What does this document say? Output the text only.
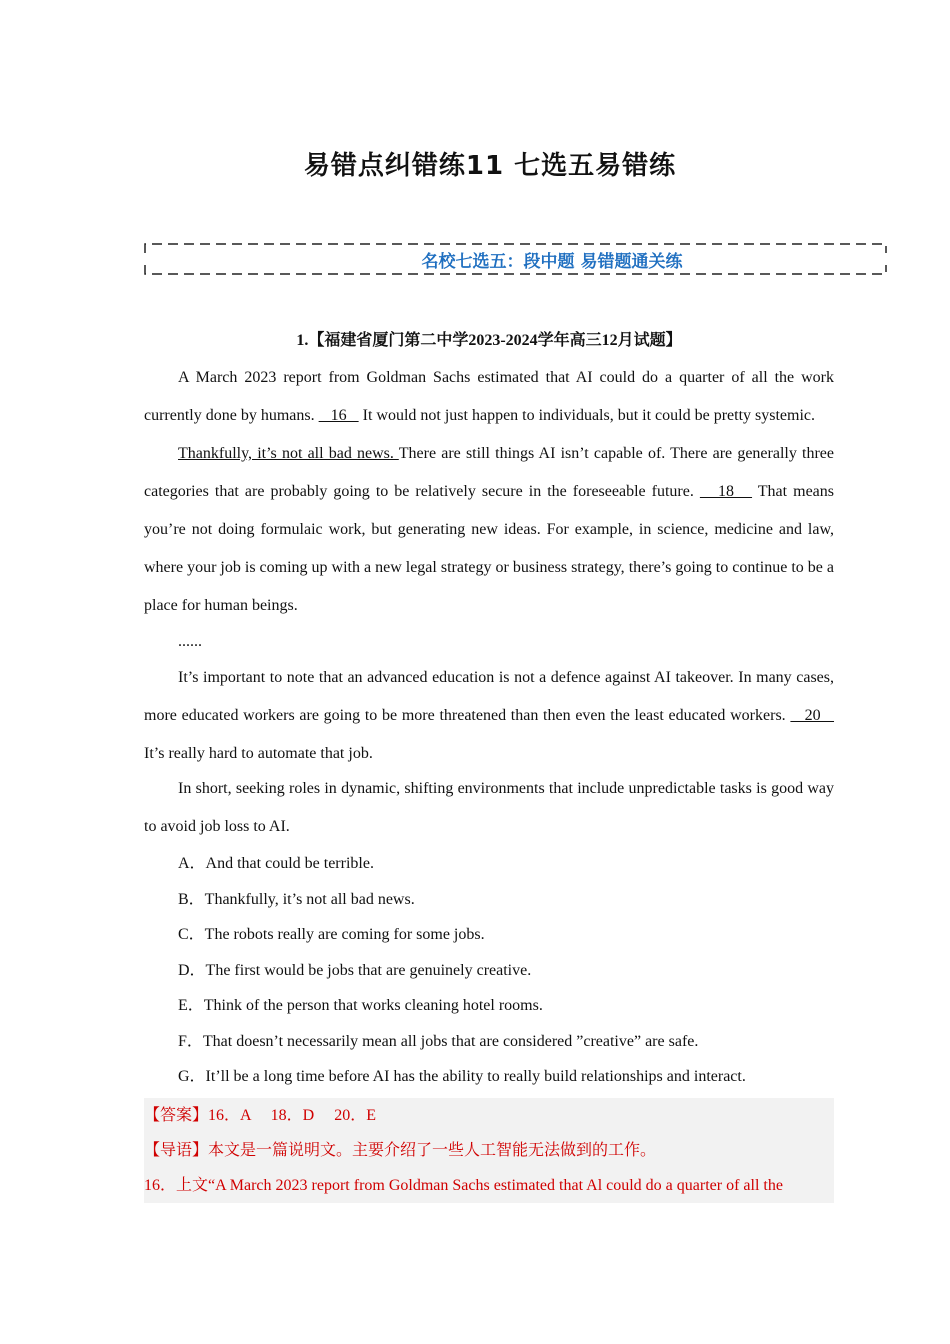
易错点纠错练11 七选五易错练
名校七选五：段中题 易错题通关练
1.【福建省厦门第二中学2023-2024学年高三12月试题】

A March 2023 report from Goldman Sachs estimated that AI could do a quarter of all the work currently done by humans.    16    It would not just happen to individuals, but it could be pretty systemic.

Thankfully, it’s not all bad news. There are still things AI isn’t capable of. There are generally three categories that are probably going to be relatively secure in the foreseeable future.    18    That means you’re not doing formulaic work, but generating new ideas. For example, in science, medicine and law, where your job is coming up with a new legal strategy or business strategy, there’s going to continue to be a place for human beings.

......

It’s important to note that an advanced education is not a defence against AI takeover. In many cases, more educated workers are going to be more threatened than then even the least educated workers.    20    It’s really hard to automate that job.

In short, seeking roles in dynamic, shifting environments that include unpredictable tasks is good way to avoid job loss to AI.

A．And that could be terrible.

B．Thankfully, it’s not all bad news.

C．The robots really are coming for some jobs.

D．The first would be jobs that are genuinely creative.

E．Think of the person that works cleaning hotel rooms.

F．That doesn’t necessarily mean all jobs that are considered ”creative” are safe.

G．It’ll be a long time before AI has the ability to really build relationships and interact.

【答案】16．A     18．D     20．E

【导语】本文是一篇说明文。主要介绍了一些人工智能无法做到的工作。

16．上文“A March 2023 report from Goldman Sachs estimated that Al could do a quarter of all the
